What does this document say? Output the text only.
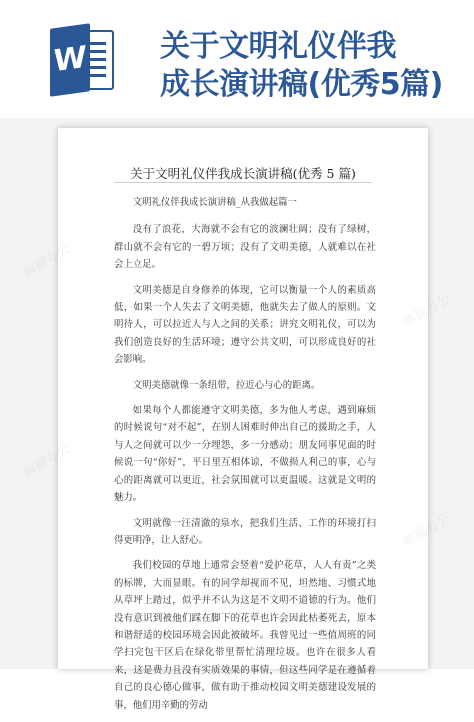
W 关于文明礼仪伴我
成长演讲稿(优秀5篇)
关于文明礼仪伴我成长演讲稿(优秀 5 篇)

文明礼仪伴我成长演讲稿_从我做起篇一

没有了浪花，大海就不会有它的波澜壮阔；没有了绿树，群山就不会有它的一碧万顷；没有了文明美德，人就难以在社会上立足。

文明美德是自身修养的体现，它可以衡量一个人的素质高低，如果一个人失去了文明美德，他就失去了做人的原则。文明待人，可以拉近人与人之间的关系；讲究文明礼仪，可以为我们创造良好的生活环境；遵守公共文明，可以形成良好的社会影响。

文明美德就像一条纽带，拉近心与心的距离。

如果每个人都能遵守文明美德，多为他人考虑，遇到麻烦的时候说句“对不起”，在别人困难时伸出自己的援助之手，人与人之间就可以少一分埋怨，多一分感动；朋友同事见面的时候说一句“你好”，平日里互相体谅，不做损人利己的事，心与心的距离就可以更近，社会氛围就可以更温暖。这就是文明的魅力。

文明就像一汪清澈的泉水，把我们生活、工作的环境打扫得更明净，让人舒心。

我们校园的草地上通常会竖着“爱护花草，人人有责”之类的标牌，大而显眼。有的同学却视而不见，坦然地、习惯式地从草坪上踏过，似乎并不认为这是不文明不道德的行为。他们没有意识到被他们踩在脚下的花草也许会因此枯萎死去，原本和谐舒适的校园环境会因此被破坏。我曾见过一些值周班的同学扫完包干区后在绿化带里帮忙清理垃圾。也许在很多人看来，这是费力且没有实质效果的事情，但这些同学是在遵循着自己的良心德心做事，做有助于推动校园文明美德建设发展的事，他们用辛勤的劳动
